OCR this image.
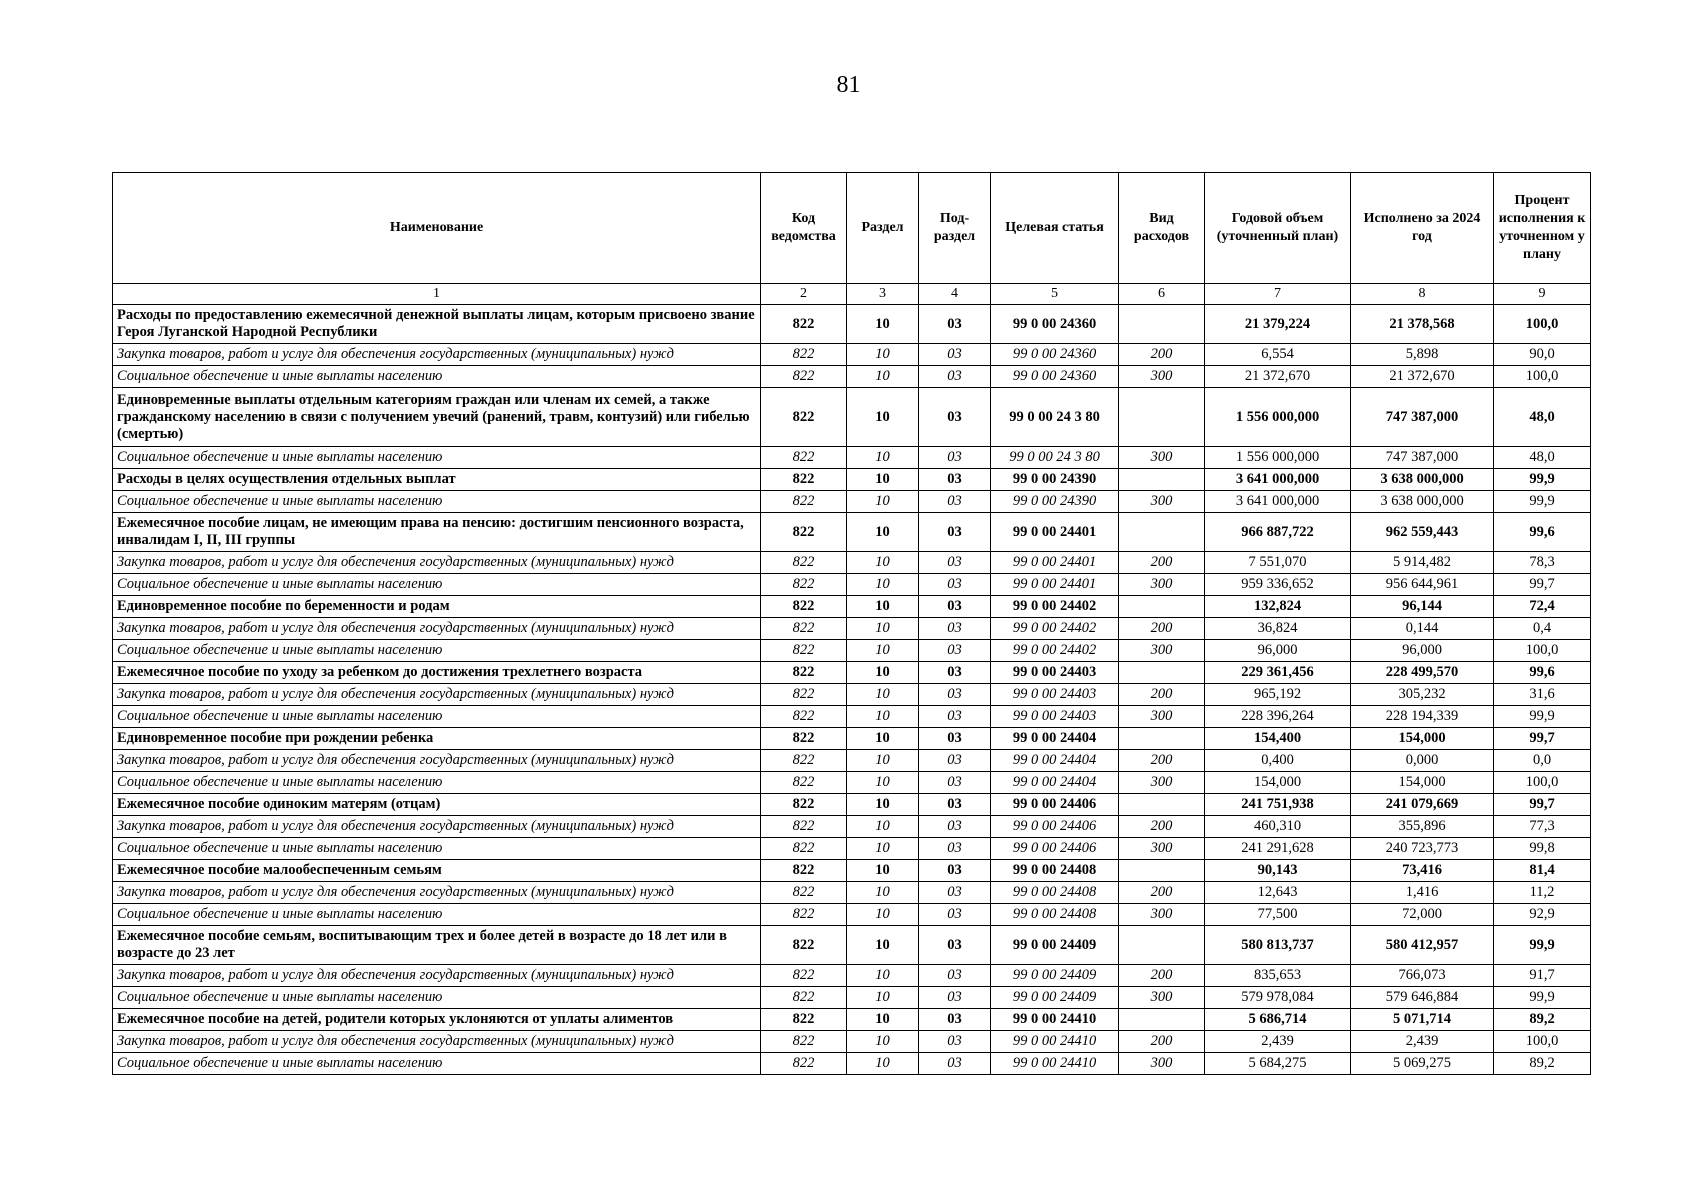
81
Наименование	Код ведомства	Раздел	Под- раздел	Целевая статья	Вид расходов	Годовой объем (уточненный план)	Исполнено за 2024 год	Процент исполнения к уточненном у плану
1	2	3	4	5	6	7	8	9
Расходы по предоставлению ежемесячной денежной выплаты лицам, которым присвоено звание Героя Луганской Народной Республики	822	10	03	99 0 00 24360		21 379,224	21 378,568	100,0
Закупка товаров, работ и услуг для обеспечения государственных (муниципальных) нужд	822	10	03	99 0 00 24360	200	6,554	5,898	90,0
Социальное обеспечение и иные выплаты населению	822	10	03	99 0 00 24360	300	21 372,670	21 372,670	100,0
Единовременные выплаты отдельным категориям граждан или членам их семей, а также гражданскому населению в связи с получением увечий (ранений, травм, контузий) или гибелью (смертью)	822	10	03	99 0 00 24 3 80		1 556 000,000	747 387,000	48,0
Социальное обеспечение и иные выплаты населению	822	10	03	99 0 00 24 3 80	300	1 556 000,000	747 387,000	48,0
Расходы в целях осуществления отдельных выплат	822	10	03	99 0 00 24390		3 641 000,000	3 638 000,000	99,9
Социальное обеспечение и иные выплаты населению	822	10	03	99 0 00 24390	300	3 641 000,000	3 638 000,000	99,9
Ежемесячное пособие лицам, не имеющим права на пенсию: достигшим пенсионного возраста, инвалидам I, II, III группы	822	10	03	99 0 00 24401		966 887,722	962 559,443	99,6
Закупка товаров, работ и услуг для обеспечения государственных (муниципальных) нужд	822	10	03	99 0 00 24401	200	7 551,070	5 914,482	78,3
Социальное обеспечение и иные выплаты населению	822	10	03	99 0 00 24401	300	959 336,652	956 644,961	99,7
Единовременное пособие по беременности и родам	822	10	03	99 0 00 24402		132,824	96,144	72,4
Закупка товаров, работ и услуг для обеспечения государственных (муниципальных) нужд	822	10	03	99 0 00 24402	200	36,824	0,144	0,4
Социальное обеспечение и иные выплаты населению	822	10	03	99 0 00 24402	300	96,000	96,000	100,0
Ежемесячное пособие по уходу за ребенком до достижения трехлетнего возраста	822	10	03	99 0 00 24403		229 361,456	228 499,570	99,6
Закупка товаров, работ и услуг для обеспечения государственных (муниципальных) нужд	822	10	03	99 0 00 24403	200	965,192	305,232	31,6
Социальное обеспечение и иные выплаты населению	822	10	03	99 0 00 24403	300	228 396,264	228 194,339	99,9
Единовременное пособие при рождении ребенка	822	10	03	99 0 00 24404		154,400	154,000	99,7
Закупка товаров, работ и услуг для обеспечения государственных (муниципальных) нужд	822	10	03	99 0 00 24404	200	0,400	0,000	0,0
Социальное обеспечение и иные выплаты населению	822	10	03	99 0 00 24404	300	154,000	154,000	100,0
Ежемесячное пособие одиноким матерям (отцам)	822	10	03	99 0 00 24406		241 751,938	241 079,669	99,7
Закупка товаров, работ и услуг для обеспечения государственных (муниципальных) нужд	822	10	03	99 0 00 24406	200	460,310	355,896	77,3
Социальное обеспечение и иные выплаты населению	822	10	03	99 0 00 24406	300	241 291,628	240 723,773	99,8
Ежемесячное пособие малообеспеченным семьям	822	10	03	99 0 00 24408		90,143	73,416	81,4
Закупка товаров, работ и услуг для обеспечения государственных (муниципальных) нужд	822	10	03	99 0 00 24408	200	12,643	1,416	11,2
Социальное обеспечение и иные выплаты населению	822	10	03	99 0 00 24408	300	77,500	72,000	92,9
Ежемесячное пособие семьям, воспитывающим трех и более детей в возрасте до 18 лет или в возрасте до 23 лет	822	10	03	99 0 00 24409		580 813,737	580 412,957	99,9
Закупка товаров, работ и услуг для обеспечения государственных (муниципальных) нужд	822	10	03	99 0 00 24409	200	835,653	766,073	91,7
Социальное обеспечение и иные выплаты населению	822	10	03	99 0 00 24409	300	579 978,084	579 646,884	99,9
Ежемесячное пособие на детей, родители которых уклоняются от уплаты алиментов	822	10	03	99 0 00 24410		5 686,714	5 071,714	89,2
Закупка товаров, работ и услуг для обеспечения государственных (муниципальных) нужд	822	10	03	99 0 00 24410	200	2,439	2,439	100,0
Социальное обеспечение и иные выплаты населению	822	10	03	99 0 00 24410	300	5 684,275	5 069,275	89,2
